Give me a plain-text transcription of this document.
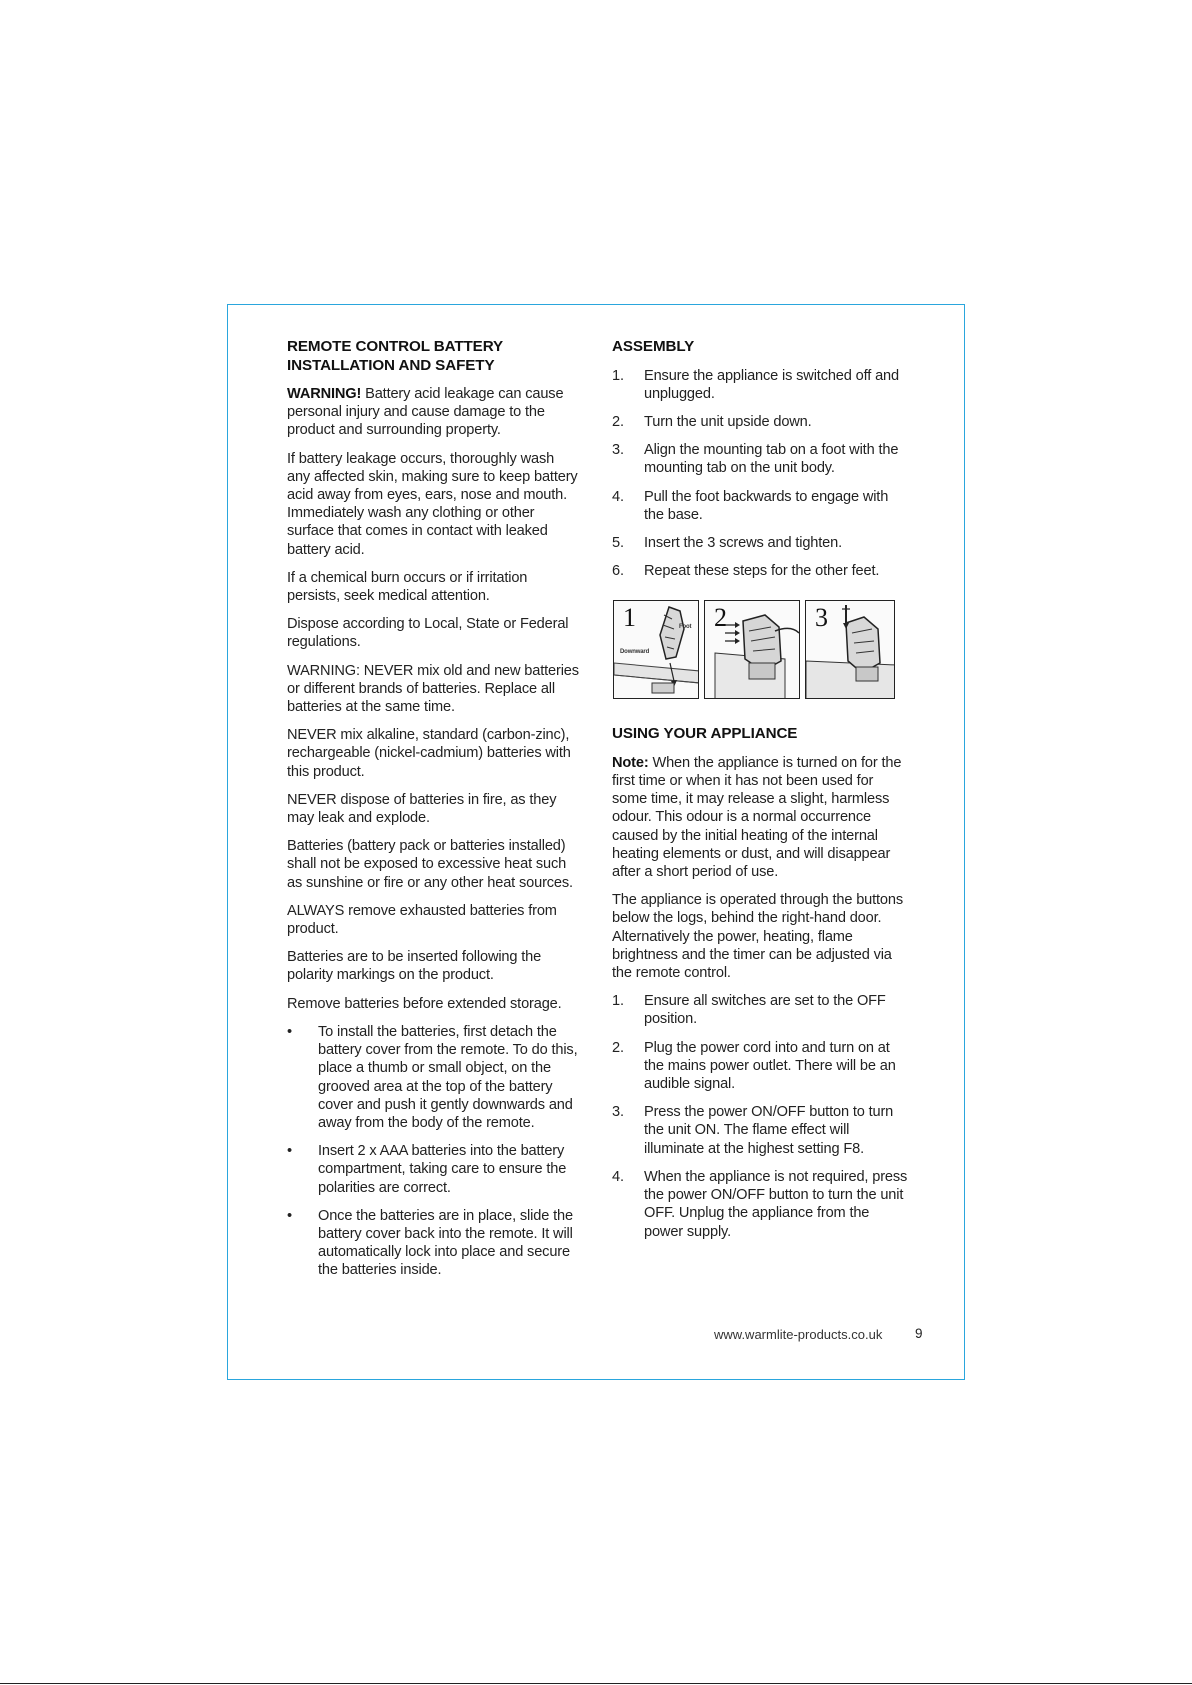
REMOTE CONTROL BATTERY INSTALLATION AND SAFETY

WARNING! Battery acid leakage can cause personal injury and cause damage to the product and surrounding property.

If battery leakage occurs, thoroughly wash any affected skin, making sure to keep battery acid away from eyes, ears, nose and mouth. Immediately wash any clothing or other surface that comes in contact with leaked battery acid.

If a chemical burn occurs or if irritation persists, seek medical attention.

Dispose according to Local, State or Federal regulations.

WARNING: NEVER mix old and new batteries or different brands of batteries. Replace all batteries at the same time.

NEVER mix alkaline, standard (carbon-zinc), rechargeable (nickel-cadmium) batteries with this product.

NEVER dispose of batteries in fire, as they may leak and explode.

Batteries (battery pack or batteries installed) shall not be exposed to excessive heat such as sunshine or fire or any other heat sources.

ALWAYS remove exhausted batteries from product.

Batteries are to be inserted following the polarity markings on the product.

Remove batteries before extended storage.

• To install the batteries, first detach the battery cover from the remote. To do this, place a thumb or small object, on the grooved area at the top of the battery cover and push it gently downwards and away from the body of the remote.
• Insert 2 x AAA batteries into the battery compartment, taking care to ensure the polarities are correct.
• Once the batteries are in place, slide the battery cover back into the remote. It will automatically lock into place and secure the batteries inside.
ASSEMBLY
1. Ensure the appliance is switched off and unplugged.
2. Turn the unit upside down.
3. Align the mounting tab on a foot with the mounting tab on the unit body.
4. Pull the foot backwards to engage with the base.
5. Insert the 3 screws and tighten.
6. Repeat these steps for the other feet.
1	Foot
Downward
2	3
USING YOUR APPLIANCE

Note: When the appliance is turned on for the first time or when it has not been used for some time, it may release a slight, harmless odour. This odour is a normal occurrence caused by the initial heating of the internal heating elements or dust, and will disappear after a short period of use.

The appliance is operated through the buttons below the logs, behind the right-hand door. Alternatively the power, heating, flame brightness and the timer can be adjusted via the remote control.

1. Ensure all switches are set to the OFF position.
2. Plug the power cord into and turn on at the mains power outlet. There will be an audible signal.
3. Press the power ON/OFF button to turn the unit ON. The flame effect will illuminate at the highest setting F8.
4. When the appliance is not required, press the power ON/OFF button to turn the unit OFF. Unplug the appliance from the power supply.
www.warmlite-products.co.uk 9
